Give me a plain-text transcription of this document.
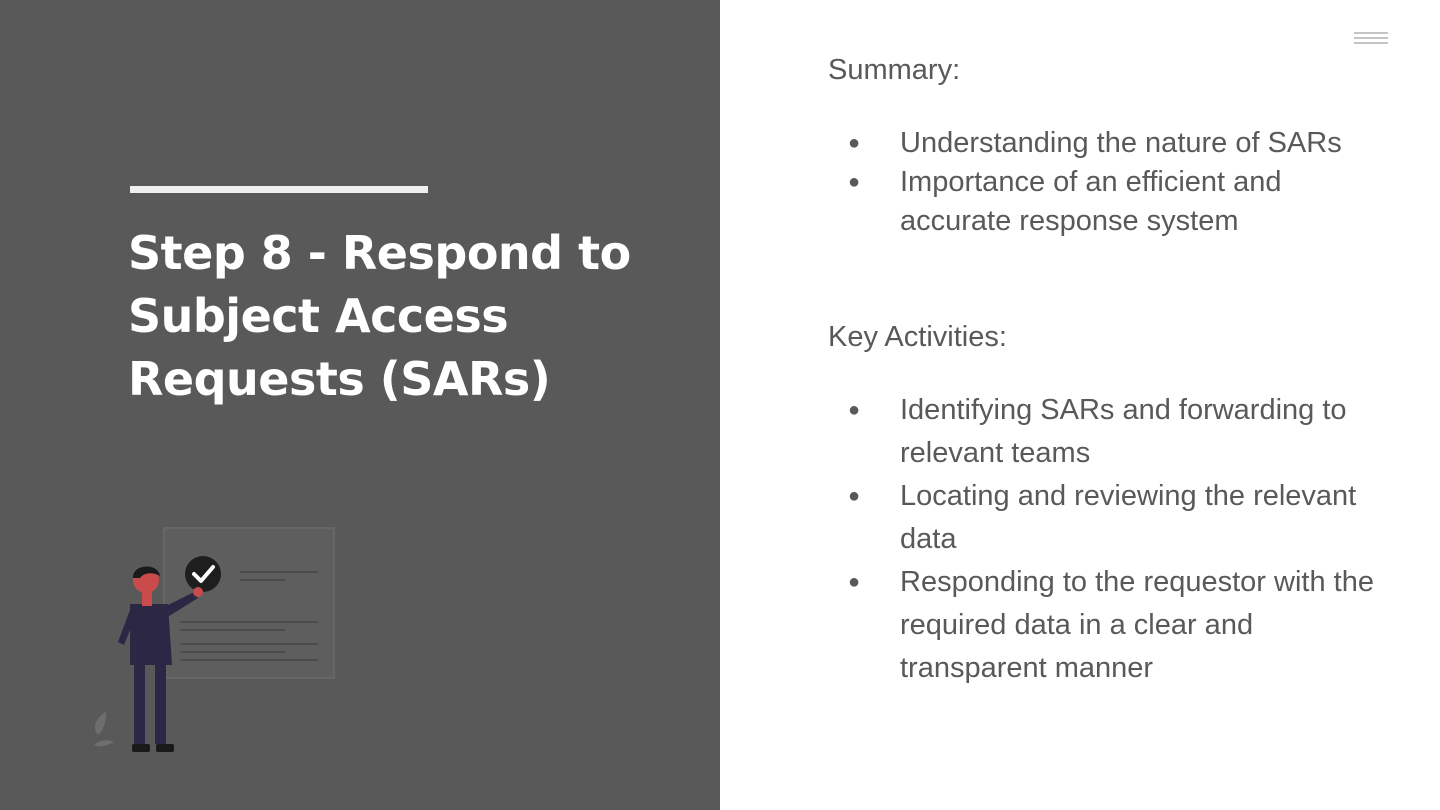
Step 8 - Respond to Subject Access Requests (SARs)
Summary:
● Understanding the nature of SARs
● Importance of an efficient and accurate response system
Key Activities:
● Identifying SARs and forwarding to relevant teams
● Locating and reviewing the relevant data
● Responding to the requestor with the required data in a clear and transparent manner
